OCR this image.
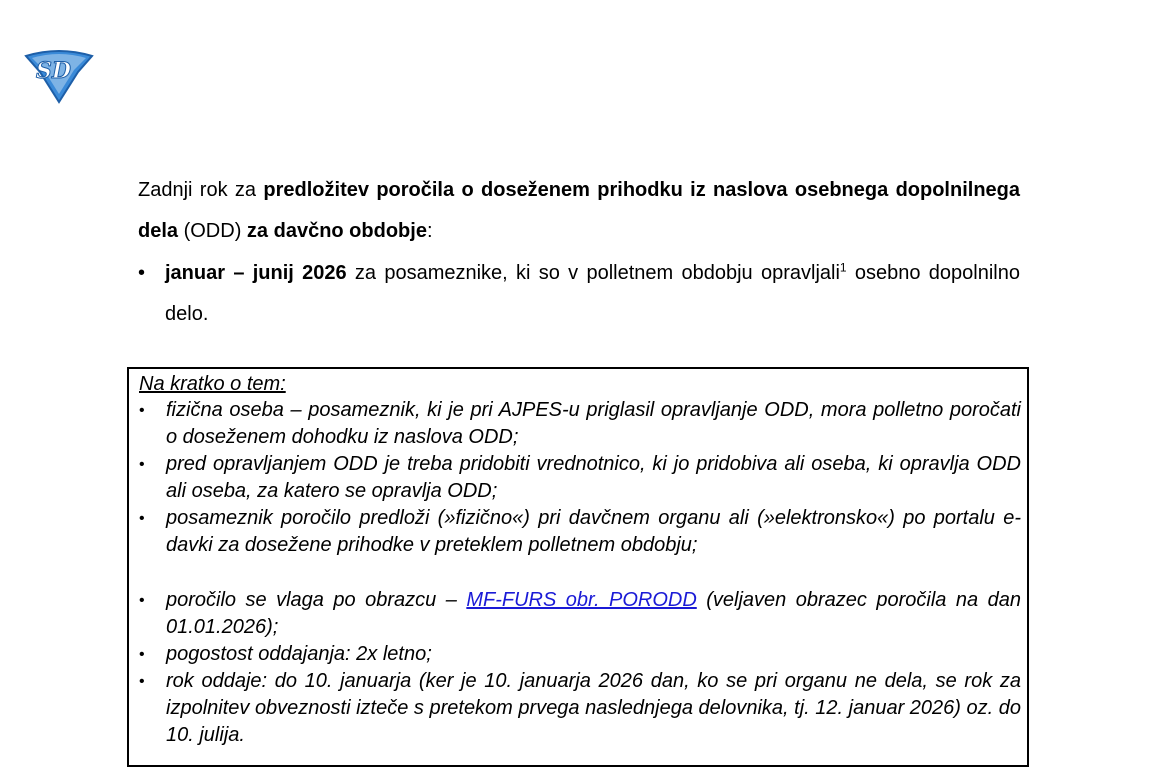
SD
Zadnji rok za predložitev poročila o doseženem prihodku iz naslova osebnega dopolnilnega dela (ODD) za davčno obdobje:
• januar – junij 2026 za posameznike, ki so v polletnem obdobju opravljali$^1$ osebno dopolnilno delo.
Na kratko o tem:
• fizična oseba – posameznik, ki je pri AJPES-u priglasil opravljanje ODD, mora polletno poročati o doseženem dohodku iz naslova ODD;
• pred opravljanjem ODD je treba pridobiti vrednotnico, ki jo pridobiva ali oseba, ki opravlja ODD ali oseba, za katero se opravlja ODD;
• posameznik poročilo predloži (»fizično«) pri davčnem organu ali (»elektronsko«) po portalu e-davki za dosežene prihodke v preteklem polletnem obdobju;
• poročilo se vlaga po obrazcu – MF-FURS obr. PORODD (veljaven obrazec poročila na dan 01.01.2026);
• pogostost oddajanja: 2x letno;
• rok oddaje: do 10. januarja (ker je 10. januarja 2026 dan, ko se pri organu ne dela, se rok za izpolnitev obveznosti izteče s pretekom prvega naslednjega delovnika, tj. 12. januar 2026) oz. do 10. julija.
